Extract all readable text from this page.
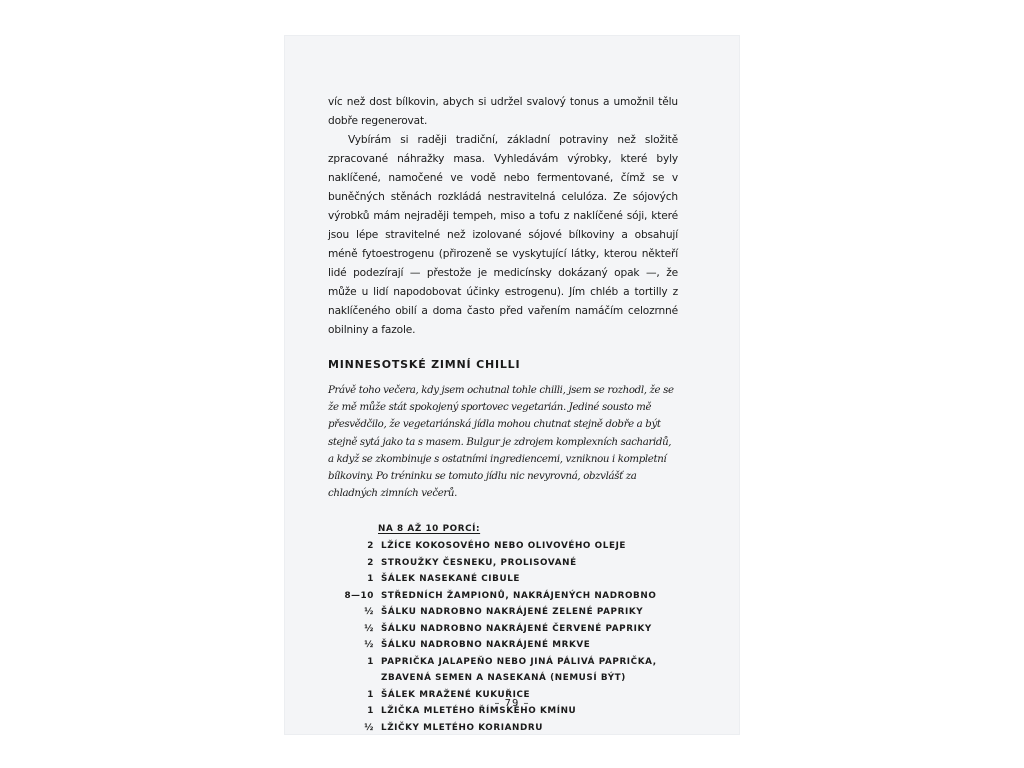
víc než dost bílkovin, abych si udržel svalový tonus a umožnil tělu dobře regenerovat.

Vybírám si raději tradiční, základní potraviny než složitě zpracované náhražky masa. Vyhledávám výrobky, které byly naklíčené, namočené ve vodě nebo fermentované, čímž se v buněčných stěnách rozkládá nestravitelná celulóza. Ze sójových výrobků mám nejraději tempeh, miso a tofu z naklíčené sóji, které jsou lépe stravitelné než izolované sójové bílkoviny a obsahují méně fytoestrogenu (přirozeně se vyskytující látky, kterou někteří lidé podezírají — přestože je medicínsky dokázaný opak —, že může u lidí napodobovat účinky estrogenu). Jím chléb a tortilly z naklíčeného obilí a doma často před vařením namáčím celozrnné obilniny a fazole.

MINNESOTSKÉ ZIMNÍ CHILLI

Právě toho večera, kdy jsem ochutnal tohle chilli, jsem se rozhodl, že se že mě může stát spokojený sportovec vegetarián. Jediné sousto mě přesvědčilo, že vegetariánská jídla mohou chutnat stejně dobře a být stejně sytá jako ta s masem. Bulgur je zdrojem komplexních sacharidů, a když se zkombinuje s ostatními ingrediencemi, vzniknou i kompletní bílkoviny. Po tréninku se tomuto jídlu nic nevyrovná, obzvlášť za chladných zimních večerů.

NA 8 AŽ 10 PORCÍ:
2 LŽÍCE KOKOSOVÉHO NEBO OLIVOVÉHO OLEJE
2 STROUŽKY ČESNEKU, PROLISOVANÉ
1 ŠÁLEK NASEKANÉ CIBULE
8—10 STŘEDNÍCH ŽAMPIONŮ, NAKRÁJENÝCH NADROBNO
½ ŠÁLKU NADROBNO NAKRÁJENÉ ZELENÉ PAPRIKY
½ ŠÁLKU NADROBNO NAKRÁJENÉ ČERVENÉ PAPRIKY
½ ŠÁLKU NADROBNO NAKRÁJENÉ MRKVE
1 PAPRIČKA JALAPEŇO NEBO JINÁ PÁLIVÁ PAPRIČKA,
ZBAVENÁ SEMEN A NASEKANÁ (NEMUSÍ BÝT)
1 ŠÁLEK MRAŽENÉ KUKUŘICE
1 LŽIČKA MLETÉHO ŘÍMSKÉHO KMÍNU
½ LŽIČKY MLETÉHO KORIANDRU
– 79 –
